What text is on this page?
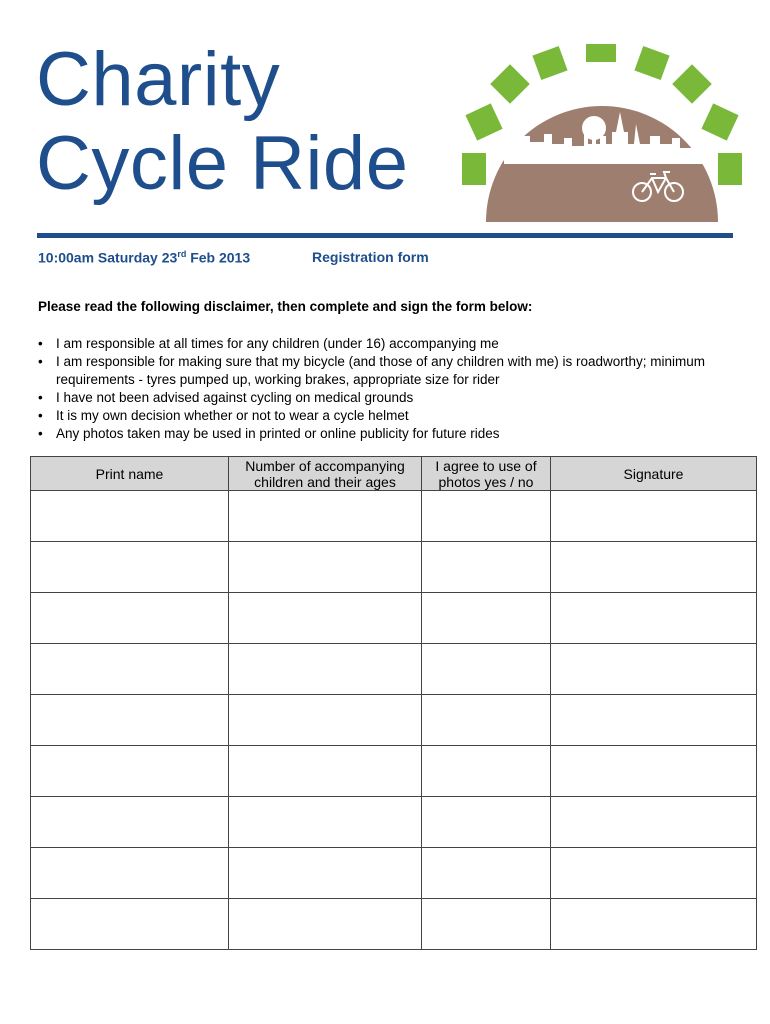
Charity
Cycle Ride
10:00am Saturday 23rd Feb 2013	Registration form

Please read the following disclaimer, then complete and sign the form below:

• I am responsible at all times for any children (under 16) accompanying me
• I am responsible for making sure that my bicycle (and those of any children with me) is roadworthy; minimum requirements - tyres pumped up, working brakes, appropriate size for rider
• I have not been advised against cycling on medical grounds
• It is my own decision whether or not to wear a cycle helmet
• Any photos taken may be used in printed or online publicity for future rides
Print name	Number of accompanying children and their ages	I agree to use of photos yes / no	Signature
